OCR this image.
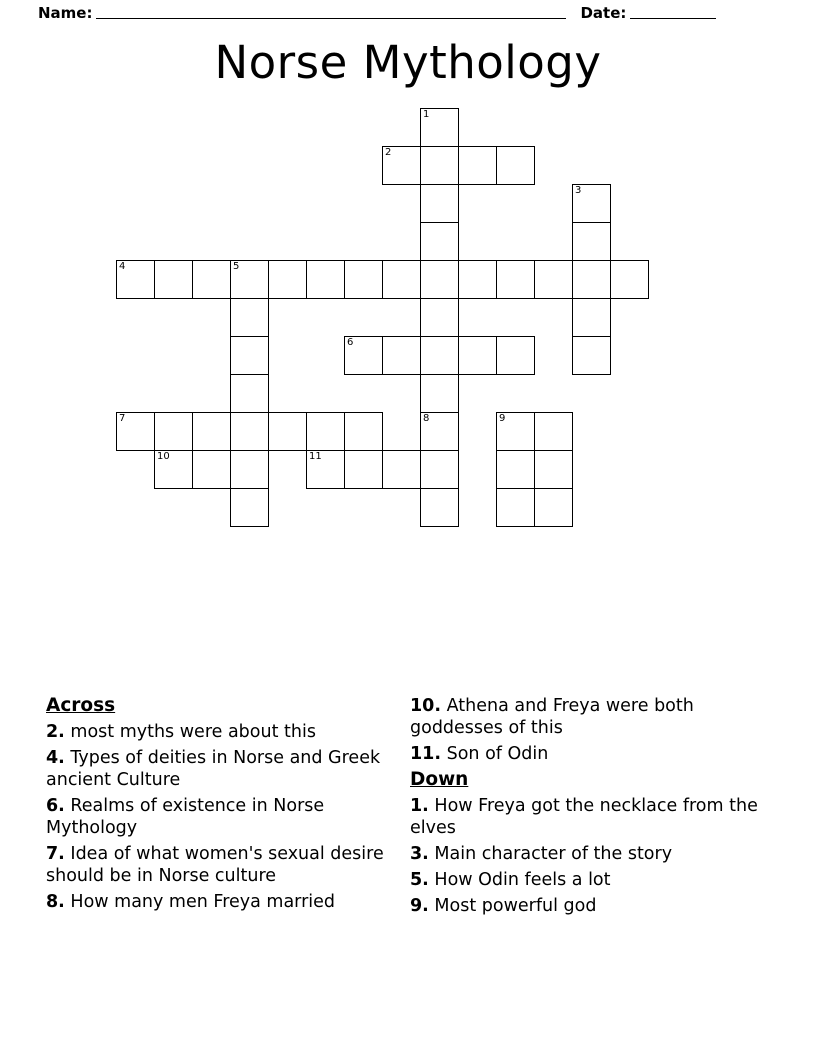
Name:	Date:
Norse Mythology
1
2
3
4	5
6
7	8	9
10	11
Across
2. most myths were about this
4. Types of deities in Norse and Greek ancient Culture
6. Realms of existence in Norse Mythology
7. Idea of what women's sexual desire should be in Norse culture
8. How many men Freya married
10. Athena and Freya were both goddesses of this
11. Son of Odin
Down
1. How Freya got the necklace from the elves
3. Main character of the story
5. How Odin feels a lot
9. Most powerful god
